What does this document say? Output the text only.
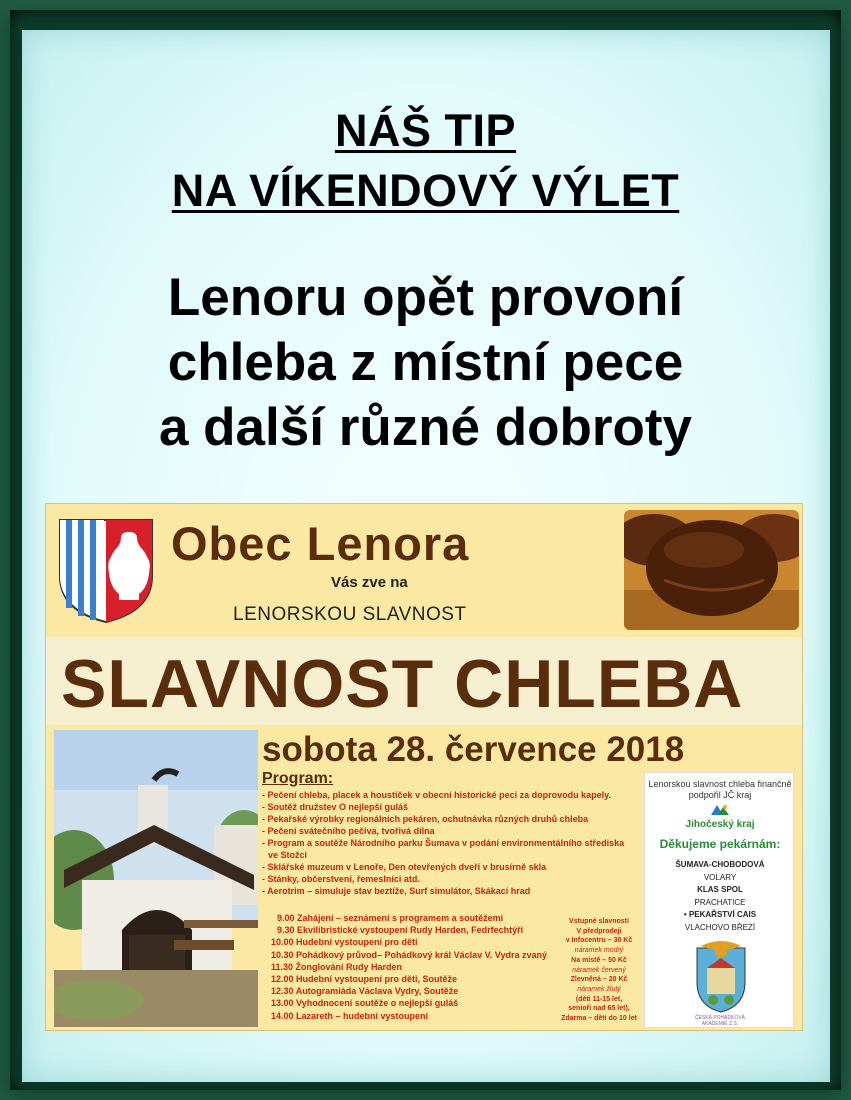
NÁŠ TIP
NA VÍKENDOVÝ VÝLET
Lenoru opět provoní
chleba z místní pece
a další různé dobroty
Obec Lenora
Vás zve na
LENORSKOU SLAVNOST
SLAVNOST CHLEBA
sobota 28. července 2018
Program:
- Pečení chleba, placek a houstiček v obecní historické peci za doprovodu kapely.
- Soutěž družstev O nejlepší guláš
- Pekařské výrobky regionálních pekáren, ochutnávka různých druhů chleba
- Pečení svátečního pečiva, tvořivá dílna
- Program a soutěže Národního parku Šumava v podání environmentálního střediska
ve Stožci
- Sklářské muzeum v Lenoře, Den otevřených dveří v brusírně skla
- Stánky, občerstvení, řemeslníci atd.
- Aerotrim – simuluje stav beztíže, Surf simulátor, Skákací hrad
9.00 Zahájení – seznámení s programem a soutěžemi
9.30 Ekvilibristické vystoupení Rudy Harden, Fedrfechtýři
10.00 Hudební vystoupení pro děti
10.30 Pohádkový průvod– Pohádkový král Václav V. Vydra zvaný
11.30 Žonglování Rudy Harden
12.00 Hudební vystoupení pro děti, Soutěže
12.30 Autogramiáda Václava Vydry, Soutěže
13.00 Vyhodnocení soutěže o nejlepší guláš
14.00 Lazareth – hudební vystoupení
Vstupné slavnosti
V předprodeji
v Infocentru – 30 Kč
náramek modrý
Na místě – 50 Kč
náramek červený
Zlevněná – 20 Kč
náramek žlutý
(děti 11-15 let,
senioři nad 65 let),
Zdarma – děti do 10 let
Lenorskou slavnost chleba finančně
podpořil JČ kraj
Jihočeský kraj
Děkujeme pekárnám:
ŠUMAVA-CHOBODOVÁ
VOLARY
KLAS SPOL
PRACHATICE
• PEKAŘSTVÍ CAIS
VLACHOVO BŘEZÍ
ČESKÁ POHÁDKOVÁ
AKADEMIE Z.S.
